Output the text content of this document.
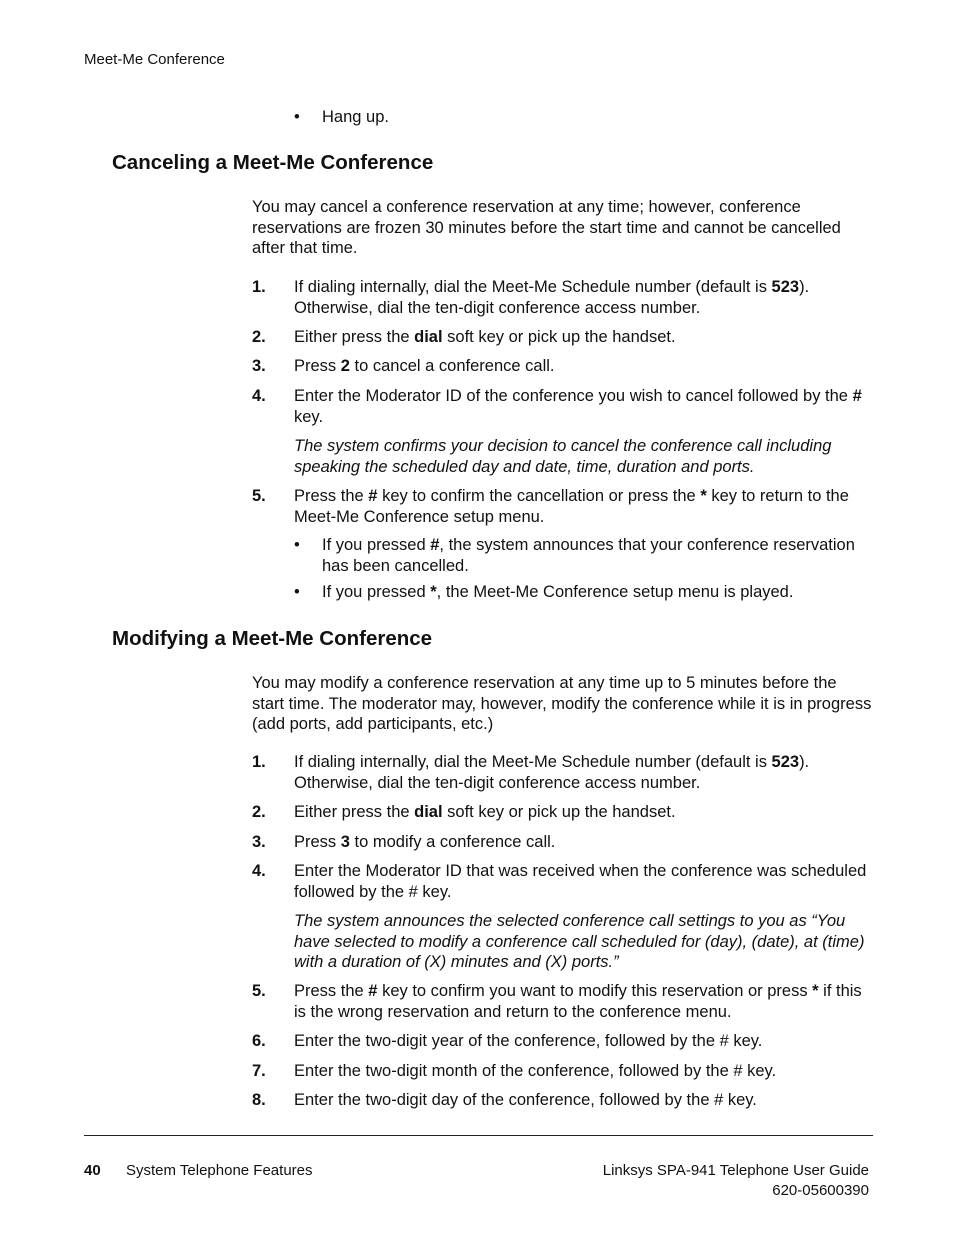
Meet-Me Conference
• Hang up.
Canceling a Meet-Me Conference
You may cancel a conference reservation at any time; however, conference reservations are frozen 30 minutes before the start time and cannot be cancelled after that time.
1. If dialing internally, dial the Meet-Me Schedule number (default is 523). Otherwise, dial the ten-digit conference access number.
2. Either press the dial soft key or pick up the handset.
3. Press 2 to cancel a conference call.
4. Enter the Moderator ID of the conference you wish to cancel followed by the # key.
The system confirms your decision to cancel the conference call including speaking the scheduled day and date, time, duration and ports.
5. Press the # key to confirm the cancellation or press the * key to return to the Meet-Me Conference setup menu.
• If you pressed #, the system announces that your conference reservation has been cancelled.
• If you pressed *, the Meet-Me Conference setup menu is played.
Modifying a Meet-Me Conference
You may modify a conference reservation at any time up to 5 minutes before the start time. The moderator may, however, modify the conference while it is in progress (add ports, add participants, etc.)
1. If dialing internally, dial the Meet-Me Schedule number (default is 523). Otherwise, dial the ten-digit conference access number.
2. Either press the dial soft key or pick up the handset.
3. Press 3 to modify a conference call.
4. Enter the Moderator ID that was received when the conference was scheduled followed by the # key.
The system announces the selected conference call settings to you as “You have selected to modify a conference call scheduled for (day), (date), at (time) with a duration of (X) minutes and (X) ports.”
5. Press the # key to confirm you want to modify this reservation or press * if this is the wrong reservation and return to the conference menu.
6. Enter the two-digit year of the conference, followed by the # key.
7. Enter the two-digit month of the conference, followed by the # key.
8. Enter the two-digit day of the conference, followed by the # key.
40 System Telephone Features	Linksys SPA-941 Telephone User Guide
620-05600390
